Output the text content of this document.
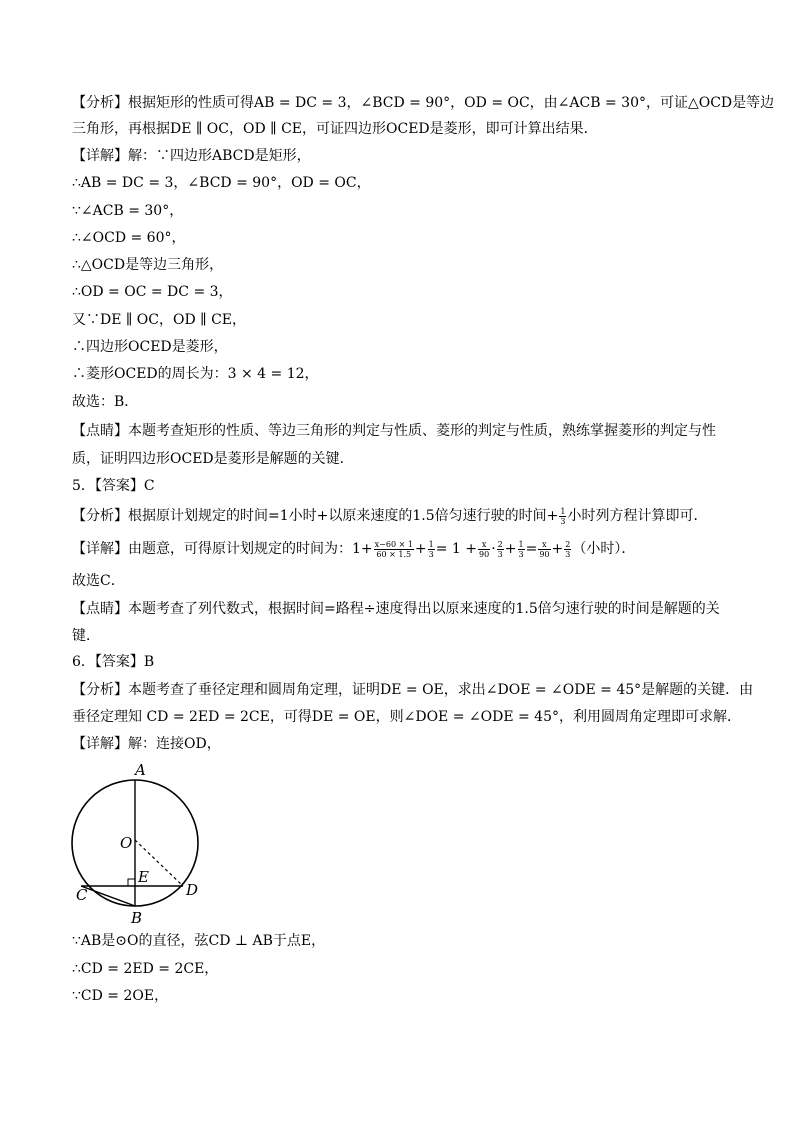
【分析】根据矩形的性质可得AB = DC = 3，∠BCD = 90°，OD = OC，由∠ACB = 30°，可证△OCD是等边
三角形，再根据DE ∥ OC，OD ∥ CE，可证四边形OCED是菱形，即可计算出结果．
【详解】解：∵四边形ABCD是矩形，
∴AB = DC = 3，∠BCD = 90°，OD = OC，
∵∠ACB = 30°，
∴∠OCD = 60°，
∴△OCD是等边三角形，
∴OD = OC = DC = 3，
又∵DE ∥ OC，OD ∥ CE，
∴四边形OCED是菱形，
∴菱形OCED的周长为：3 × 4 = 12，
故选：B．
【点睛】本题考查矩形的性质、等边三角形的判定与性质、菱形的判定与性质，熟练掌握菱形的判定与性
质，证明四边形OCED是菱形是解题的关键．
5．【答案】C
【分析】根据原计划规定的时间=1小时+以原来速度的1.5倍匀速行驶的时间+ $\frac{1}{3}$ 小时列方程计算即可．
【详解】由题意，可得原计划规定的时间为：$1+ \frac{x-60 \times 1}{60 \times 1.5} + \frac{1}{3} = 1 + \frac{x}{90} \cdot \frac{2}{3} + \frac{1}{3} = \frac{x}{90} + \frac{2}{3}$ （小时）．
故选C．
【点睛】本题考查了列代数式，根据时间=路程÷速度得出以原来速度的1.5倍匀速行驶的时间是解题的关
键．
6．【答案】B
【分析】本题考查了垂径定理和圆周角定理，证明DE = OE，求出∠DOE = ∠ODE = 45°是解题的关键．由
垂径定理知 CD = 2ED = 2CE，可得DE = OE，则∠DOE = ∠ODE = 45°，利用圆周角定理即可求解．
【详解】解：连接OD，
A
O
E
C	D
B
∵AB是⊙O的直径，弦CD ⊥ AB于点E，
∴CD = 2ED = 2CE，
∵CD = 2OE，
